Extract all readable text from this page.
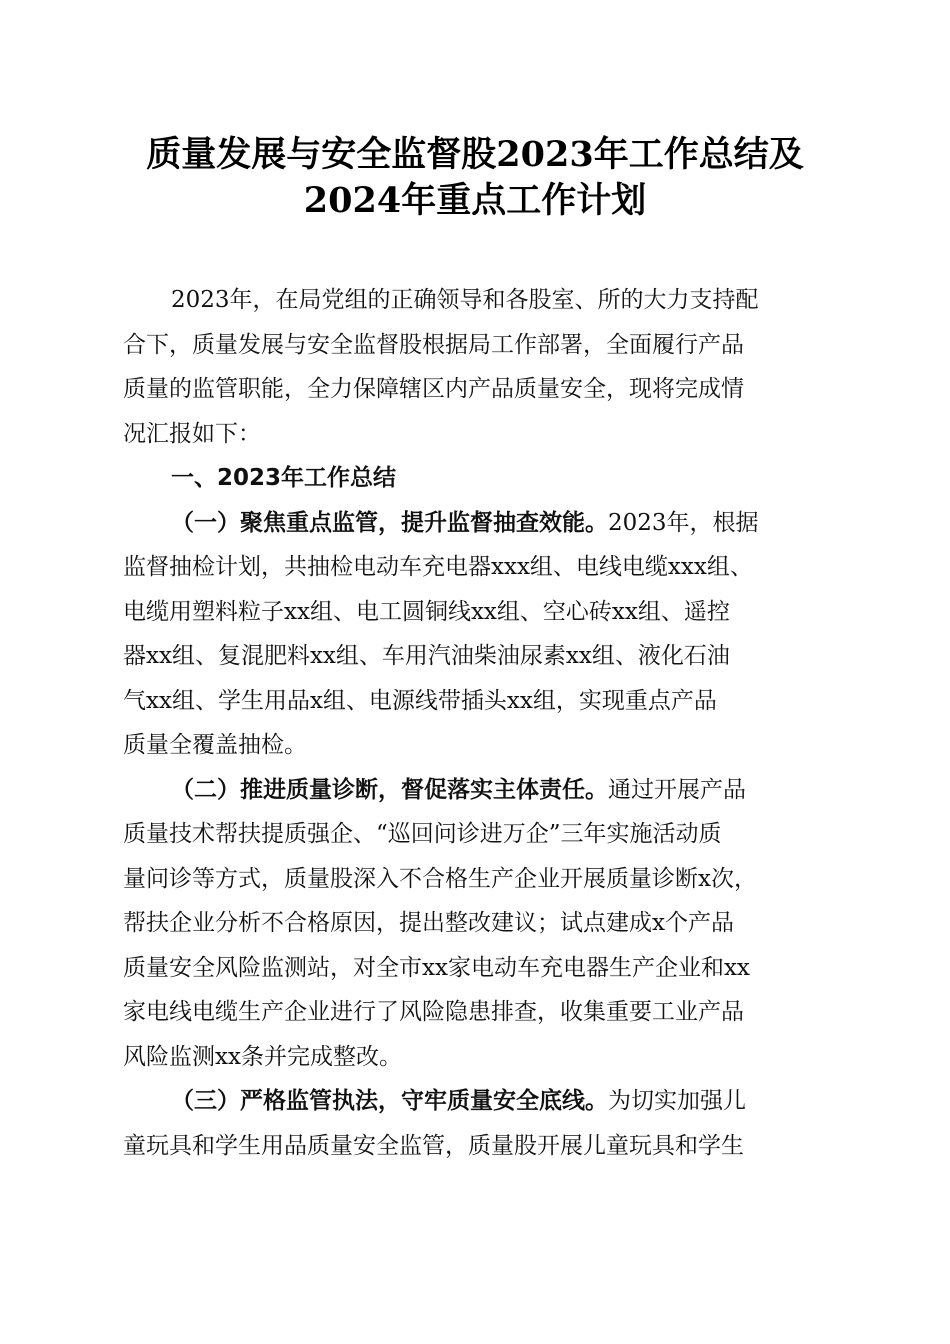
质量发展与安全监督股2023年工作总结及
2024年重点工作计划
2023年，在局党组的正确领导和各股室、所的大力支持配
合下，质量发展与安全监督股根据局工作部署，全面履行产品
质量的监管职能，全力保障辖区内产品质量安全，现将完成情
况汇报如下：
一、2023年工作总结
（一）聚焦重点监管，提升监督抽查效能。2023年，根据
监督抽检计划，共抽检电动车充电器xxx组、电线电缆xxx组、
电缆用塑料粒子xx组、电工圆铜线xx组、空心砖xx组、遥控
器xx组、复混肥料xx组、车用汽油柴油尿素xx组、液化石油
气xx组、学生用品x组、电源线带插头xx组，实现重点产品
质量全覆盖抽检。
（二）推进质量诊断，督促落实主体责任。通过开展产品
质量技术帮扶提质强企、“巡回问诊进万企”三年实施活动质
量问诊等方式，质量股深入不合格生产企业开展质量诊断x次，
帮扶企业分析不合格原因，提出整改建议；试点建成x个产品
质量安全风险监测站，对全市xx家电动车充电器生产企业和xx
家电线电缆生产企业进行了风险隐患排查，收集重要工业产品
风险监测xx条并完成整改。
（三）严格监管执法，守牢质量安全底线。为切实加强儿
童玩具和学生用品质量安全监管，质量股开展儿童玩具和学生
